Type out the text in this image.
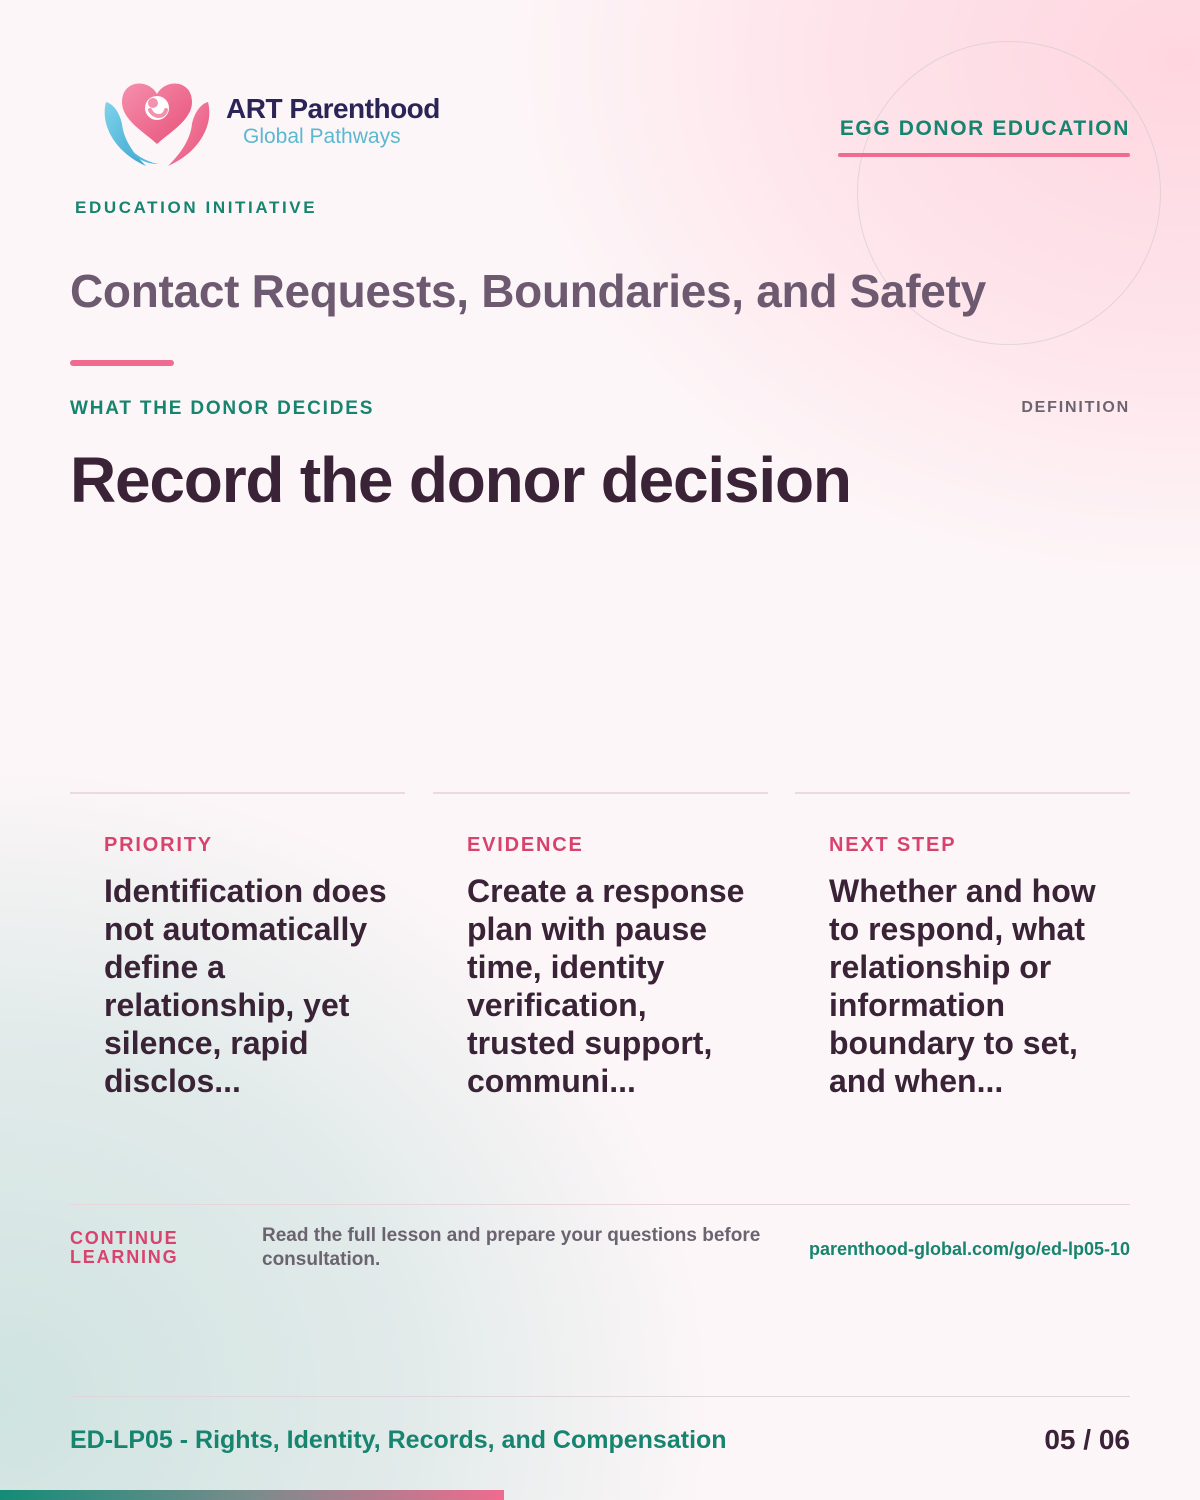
ART Parenthood
Global Pathways
EDUCATION INITIATIVE
EGG DONOR EDUCATION
Contact Requests, Boundaries, and Safety
WHAT THE DONOR DECIDES	DEFINITION
Record the donor decision
PRIORITY
Identification does not automatically define a relationship, yet silence, rapid disclos...
EVIDENCE
Create a response plan with pause time, identity verification, trusted support, communi...
NEXT STEP
Whether and how to respond, what relationship or information boundary to set, and when...
CONTINUE LEARNING
Read the full lesson and prepare your questions before consultation.	parenthood-global.com/go/ed-lp05-10
ED-LP05 - Rights, Identity, Records, and Compensation	05 / 06
